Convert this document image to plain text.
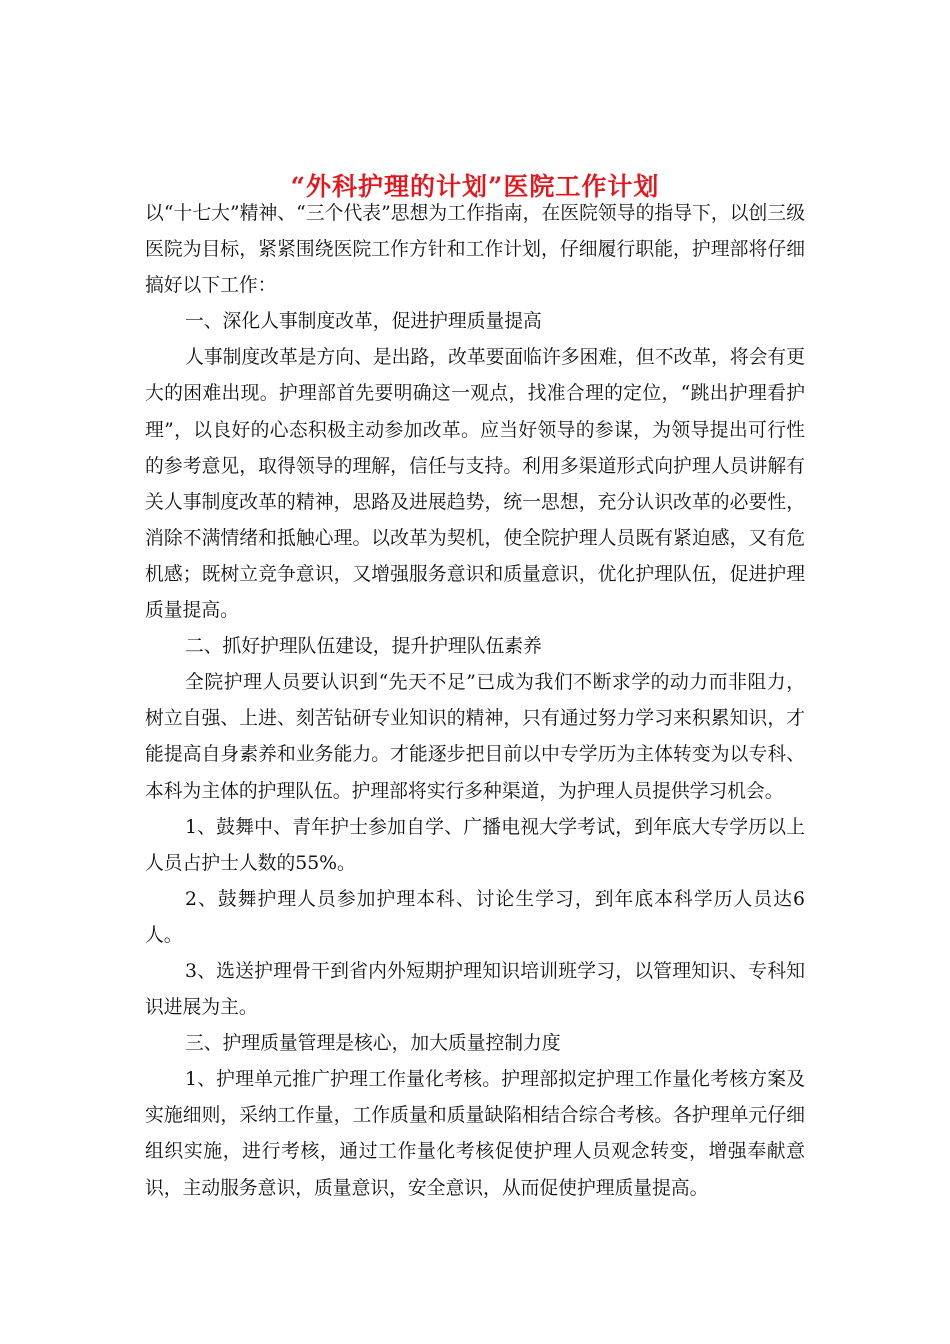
“外科护理的计划”医院工作计划

以“十七大”精神、“三个代表”思想为工作指南，在医院领导的指导下，以创三级医院为目标，紧紧围绕医院工作方针和工作计划，仔细履行职能，护理部将仔细搞好以下工作：

一、深化人事制度改革，促进护理质量提高

人事制度改革是方向、是出路，改革要面临许多困难，但不改革，将会有更大的困难出现。护理部首先要明确这一观点，找准合理的定位，“跳出护理看护理”，以良好的心态积极主动参加改革。应当好领导的参谋，为领导提出可行性的参考意见，取得领导的理解，信任与支持。利用多渠道形式向护理人员讲解有关人事制度改革的精神，思路及进展趋势，统一思想，充分认识改革的必要性，消除不满情绪和抵触心理。以改革为契机，使全院护理人员既有紧迫感，又有危机感；既树立竞争意识，又增强服务意识和质量意识，优化护理队伍，促进护理质量提高。

二、抓好护理队伍建设，提升护理队伍素养

全院护理人员要认识到“先天不足”已成为我们不断求学的动力而非阻力，树立自强、上进、刻苦钻研专业知识的精神，只有通过努力学习来积累知识，才能提高自身素养和业务能力。才能逐步把目前以中专学历为主体转变为以专科、本科为主体的护理队伍。护理部将实行多种渠道，为护理人员提供学习机会。

1、鼓舞中、青年护士参加自学、广播电视大学考试，到年底大专学历以上人员占护士人数的55%。

2、鼓舞护理人员参加护理本科、讨论生学习，到年底本科学历人员达6人。

3、选送护理骨干到省内外短期护理知识培训班学习，以管理知识、专科知识进展为主。

三、护理质量管理是核心，加大质量控制力度

1、护理单元推广护理工作量化考核。护理部拟定护理工作量化考核方案及实施细则，采纳工作量，工作质量和质量缺陷相结合综合考核。各护理单元仔细组织实施，进行考核，通过工作量化考核促使护理人员观念转变，增强奉献意识，主动服务意识，质量意识，安全意识，从而促使护理质量提高。
